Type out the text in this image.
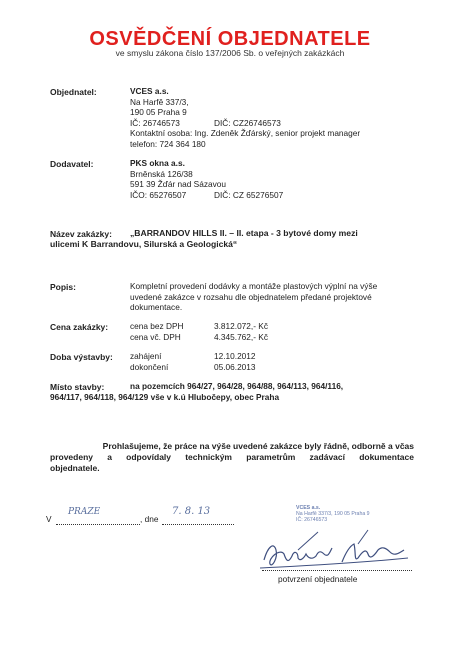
OSVĚDČENÍ OBJEDNATELE
ve smyslu zákona číslo 137/2006 Sb. o veřejných zakázkách
Objednatel:	VCES a.s.
Na Harfě 337/3,
190 05 Praha 9
IČ: 26746573	DIČ: CZ26746573
Kontaktní osoba: Ing. Zdeněk Žďárský, senior projekt manager
telefon: 724 364 180
Dodavatel:	PKS okna a.s.
Brněnská 126/38
591 39 Žďár nad Sázavou
IČO: 65276507	DIČ: CZ 65276507
Název zakázky: „BARRANDOV HILLS II. – II. etapa - 3 bytové domy mezi
ulicemi K Barrandovu, Silurská a Geologická“
Popis:	Kompletní provedení dodávky a montáže plastových výplní na výše
uvedené zakázce v rozsahu dle objednatelem předané projektové
dokumentace.
Cena zakázky:	cena bez DPH	3.812.072,- Kč
cena vč. DPH	4.345.762,- Kč
Doba výstavby: zahájení	12.10.2012
dokončení	05.06.2013
Místo stavby:	na pozemcích 964/27, 964/28, 964/88, 964/113, 964/116,
964/117, 964/118, 964/129 vše v k.ú Hlubočepy, obec Praha
Prohlašujeme, že práce na výše uvedené zakázce byly řádně, odborně a včas
provedeny a odpovídaly technickým parametrům zadávací dokumentace
objednatele.
V
PRAZE
, dne
7. 8. 13	VCES a.s.
Na Harfě 337/3, 190 05 Praha 9
IČ: 26746573
potvrzení objednatele
